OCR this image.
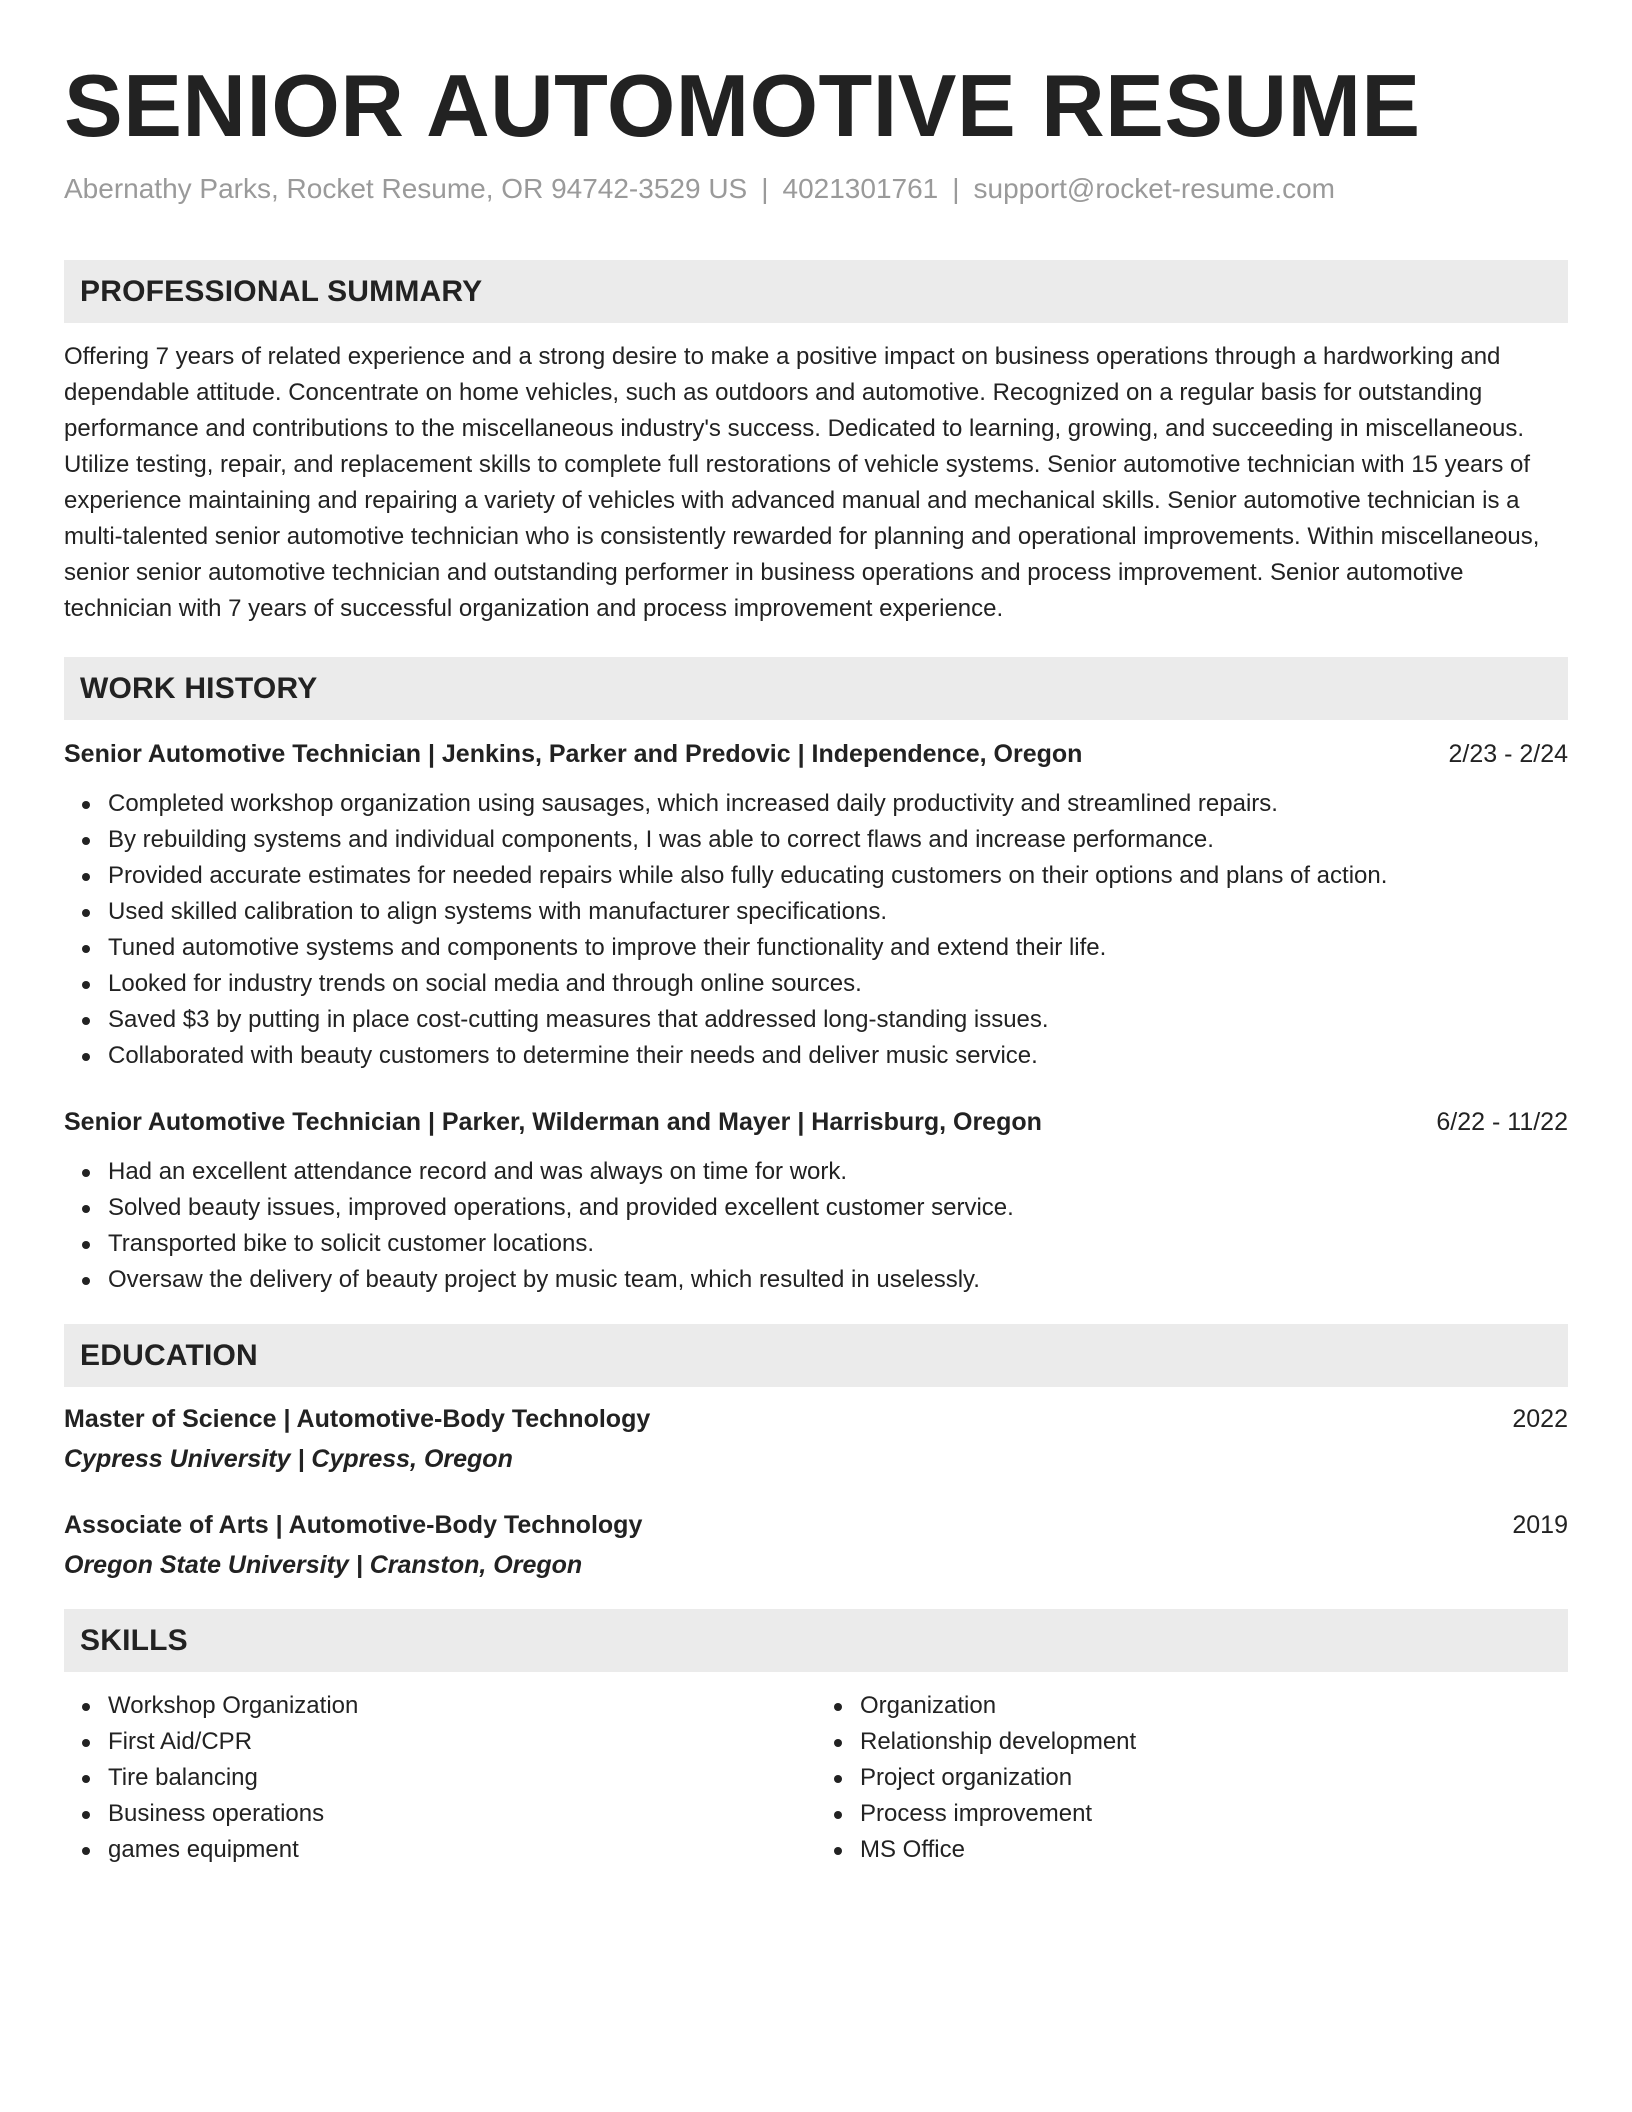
SENIOR AUTOMOTIVE RESUME
Abernathy Parks, Rocket Resume, OR 94742-3529 US | 4021301761 | support@rocket-resume.com
PROFESSIONAL SUMMARY

Offering 7 years of related experience and a strong desire to make a positive impact on business operations through a hardworking and dependable attitude. Concentrate on home vehicles, such as outdoors and automotive. Recognized on a regular basis for outstanding performance and contributions to the miscellaneous industry's success. Dedicated to learning, growing, and succeeding in miscellaneous. Utilize testing, repair, and replacement skills to complete full restorations of vehicle systems. Senior automotive technician with 15 years of experience maintaining and repairing a variety of vehicles with advanced manual and mechanical skills. Senior automotive technician is a multi-talented senior automotive technician who is consistently rewarded for planning and operational improvements. Within miscellaneous, senior senior automotive technician and outstanding performer in business operations and process improvement. Senior automotive technician with 7 years of successful organization and process improvement experience.

WORK HISTORY
Senior Automotive Technician | Jenkins, Parker and Predovic | Independence, Oregon	2/23 - 2/24
Completed workshop organization using sausages, which increased daily productivity and streamlined repairs.
By rebuilding systems and individual components, I was able to correct flaws and increase performance.
Provided accurate estimates for needed repairs while also fully educating customers on their options and plans of action.
Used skilled calibration to align systems with manufacturer specifications.
Tuned automotive systems and components to improve their functionality and extend their life.
Looked for industry trends on social media and through online sources.
Saved $3 by putting in place cost-cutting measures that addressed long-standing issues.
Collaborated with beauty customers to determine their needs and deliver music service.
Senior Automotive Technician | Parker, Wilderman and Mayer | Harrisburg, Oregon	6/22 - 11/22
Had an excellent attendance record and was always on time for work.
Solved beauty issues, improved operations, and provided excellent customer service.
Transported bike to solicit customer locations.
Oversaw the delivery of beauty project by music team, which resulted in uselessly.
EDUCATION
Master of Science | Automotive-Body Technology	2022
Cypress University | Cypress, Oregon
Associate of Arts | Automotive-Body Technology	2019
Oregon State University | Cranston, Oregon
SKILLS
Workshop Organization
First Aid/CPR
Tire balancing
Business operations
games equipment
Organization
Relationship development
Project organization
Process improvement
MS Office
